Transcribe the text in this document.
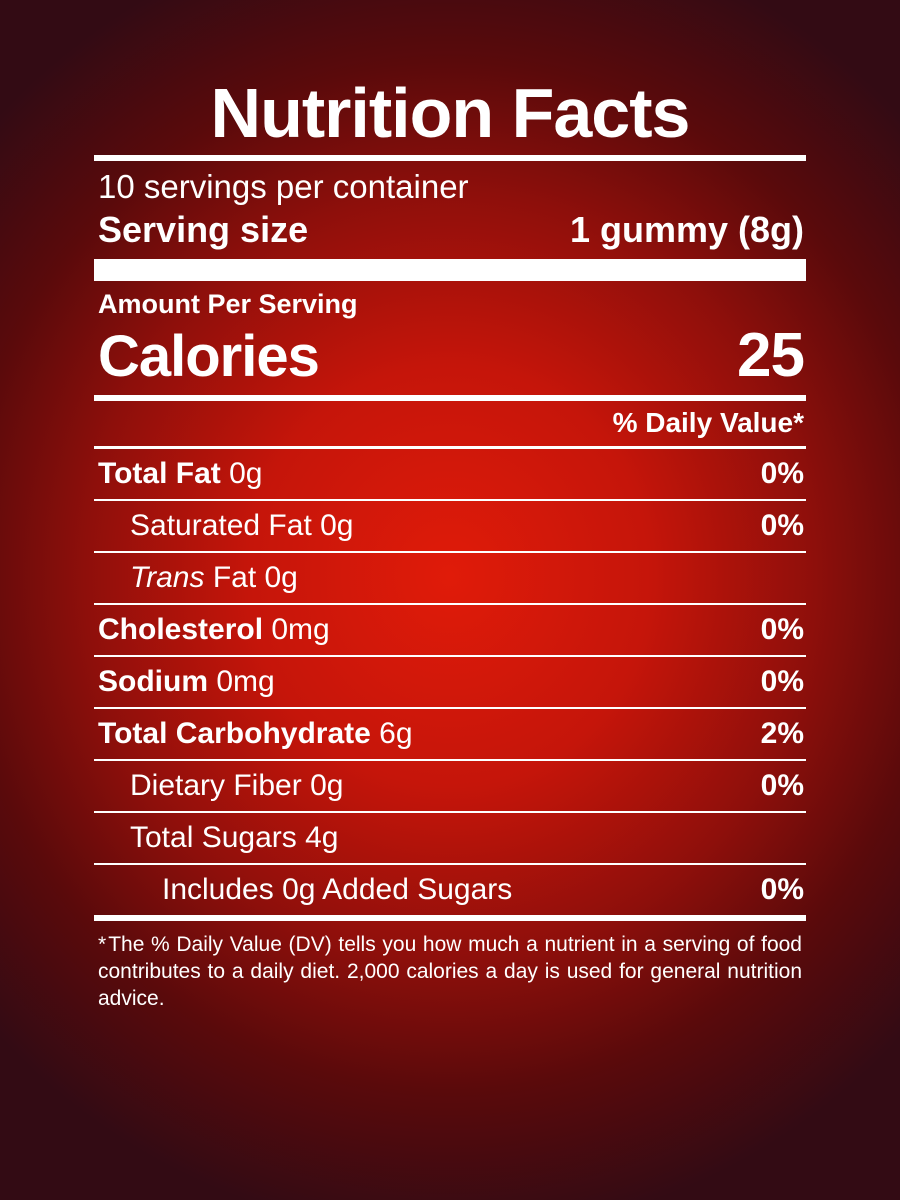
Nutrition Facts
10 servings per container
Serving size	1 gummy (8g)
Amount Per Serving
Calories	25
% Daily Value*
Total Fat 0g	0%
Saturated Fat 0g	0%
Trans Fat 0g
Cholesterol 0mg	0%
Sodium 0mg	0%
Total Carbohydrate 6g	2%
Dietary Fiber 0g	0%
Total Sugars 4g
Includes 0g Added Sugars	0%
*The % Daily Value (DV) tells you how much a nutrient in a serving of food contributes to a daily diet. 2,000 calories a day is used for general nutrition advice.
